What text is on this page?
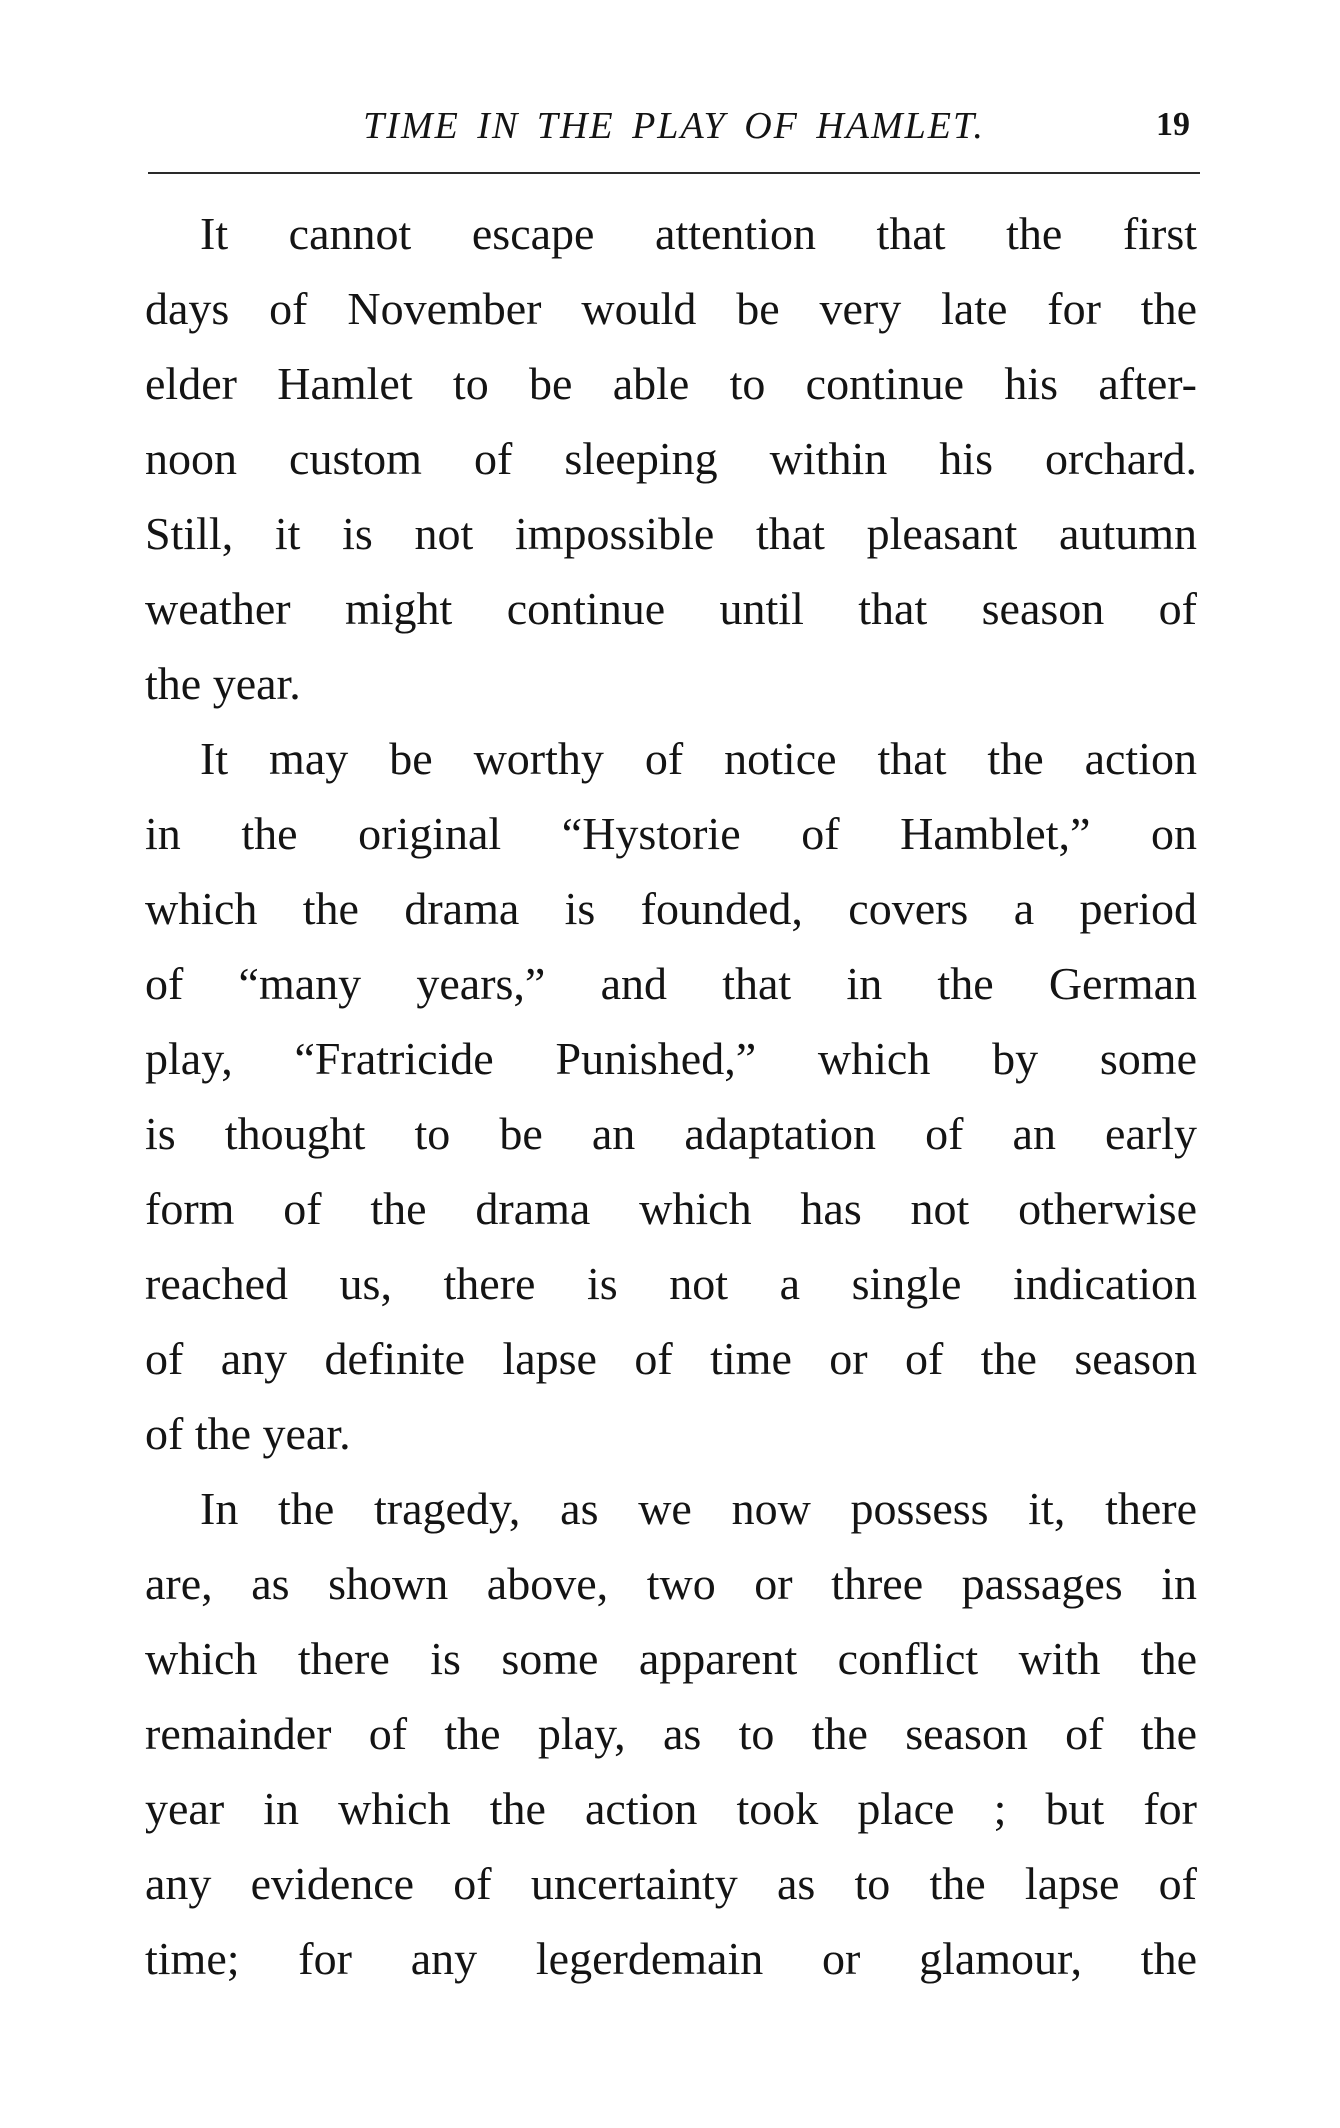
TIME IN THE PLAY OF HAMLET.	19

It cannot escape attention that the first
days of November would be very late for the
elder Hamlet to be able to continue his after-
noon custom of sleeping within his orchard.
Still, it is not impossible that pleasant autumn
weather might continue until that season of
the year.

It may be worthy of notice that the action
in the original “Hystorie of Hamblet,” on
which the drama is founded, covers a period
of “many years,” and that in the German
play, “Fratricide Punished,” which by some
is thought to be an adaptation of an early
form of the drama which has not otherwise
reached us, there is not a single indication
of any definite lapse of time or of the season
of the year.

In the tragedy, as we now possess it, there
are, as shown above, two or three passages in
which there is some apparent conflict with the
remainder of the play, as to the season of the
year in which the action took place ; but for
any evidence of uncertainty as to the lapse of
time; for any legerdemain or glamour, the
